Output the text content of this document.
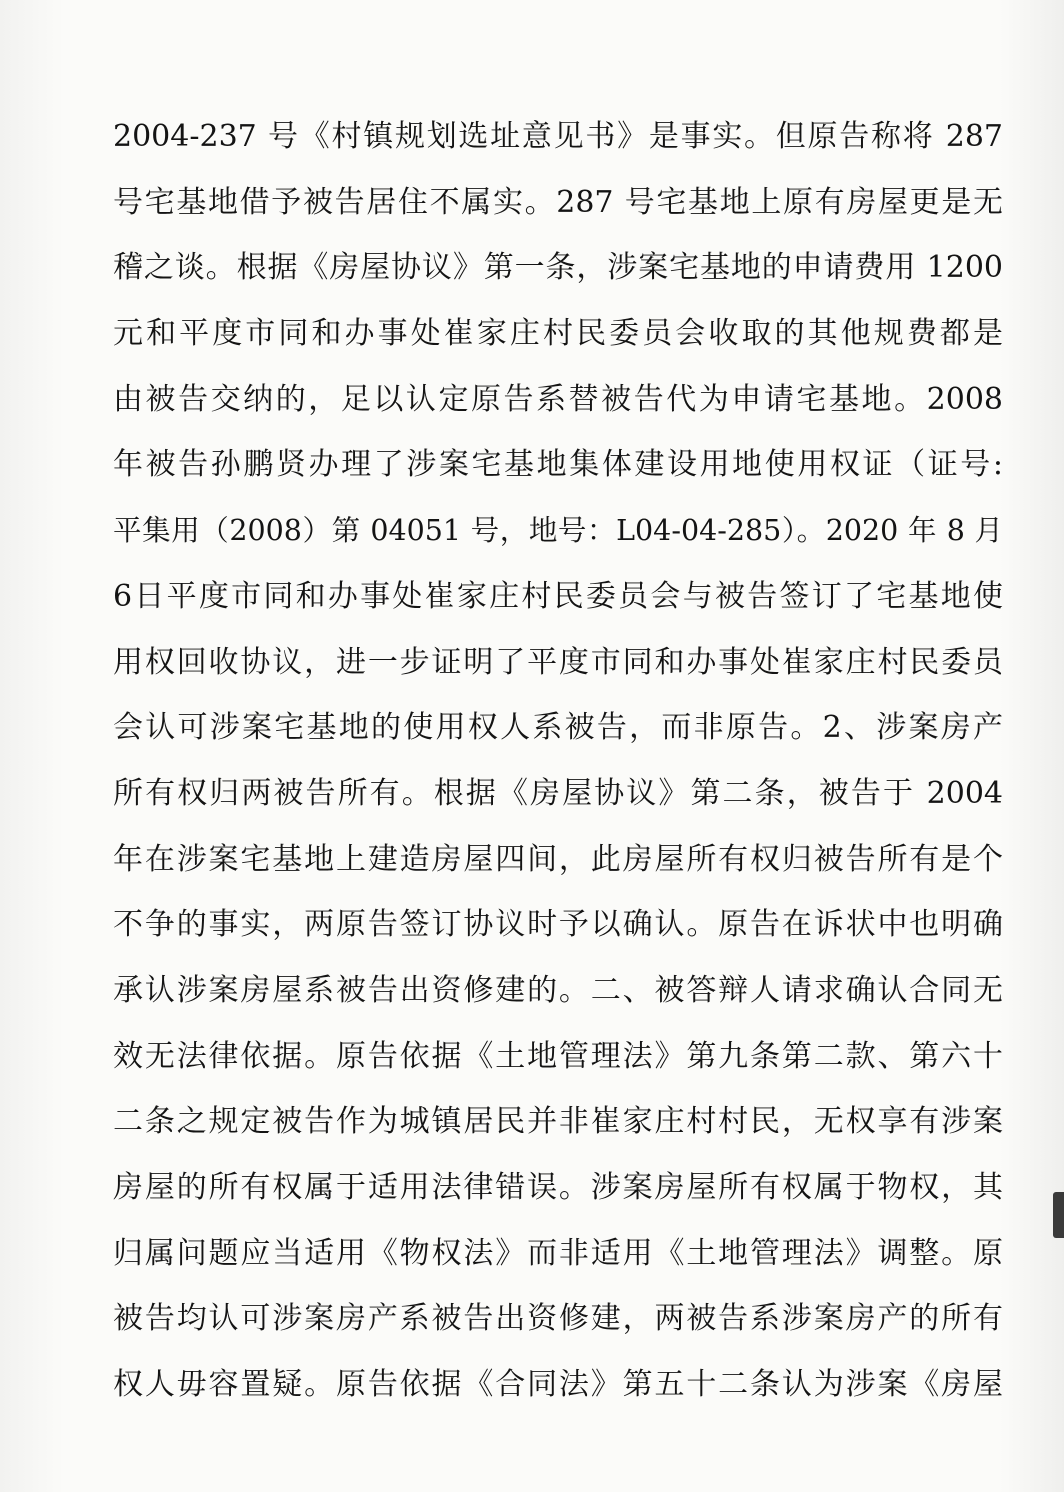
2004-237 号《村镇规划选址意见书》是事实。但原告称将 287
号宅基地借予被告居住不属实。287 号宅基地上原有房屋更是无
稽之谈。根据《房屋协议》第一条，涉案宅基地的申请费用 1200
元和平度市同和办事处崔家庄村民委员会收取的其他规费都是
由被告交纳的，足以认定原告系替被告代为申请宅基地。2008
年被告孙鹏贤办理了涉案宅基地集体建设用地使用权证（证号:
平集用（2008）第 04051 号，地号：L04-04-285）。2020 年 8 月
6日平度市同和办事处崔家庄村民委员会与被告签订了宅基地使
用权回收协议，进一步证明了平度市同和办事处崔家庄村民委员
会认可涉案宅基地的使用权人系被告，而非原告。2、涉案房产
所有权归两被告所有。根据《房屋协议》第二条，被告于 2004
年在涉案宅基地上建造房屋四间，此房屋所有权归被告所有是个
不争的事实，两原告签订协议时予以确认。原告在诉状中也明确
承认涉案房屋系被告出资修建的。二、被答辩人请求确认合同无
效无法律依据。原告依据《土地管理法》第九条第二款、第六十
二条之规定被告作为城镇居民并非崔家庄村村民，无权享有涉案
房屋的所有权属于适用法律错误。涉案房屋所有权属于物权，其
归属问题应当适用《物权法》而非适用《土地管理法》调整。原
被告均认可涉案房产系被告出资修建，两被告系涉案房产的所有
权人毋容置疑。原告依据《合同法》第五十二条认为涉案《房屋
